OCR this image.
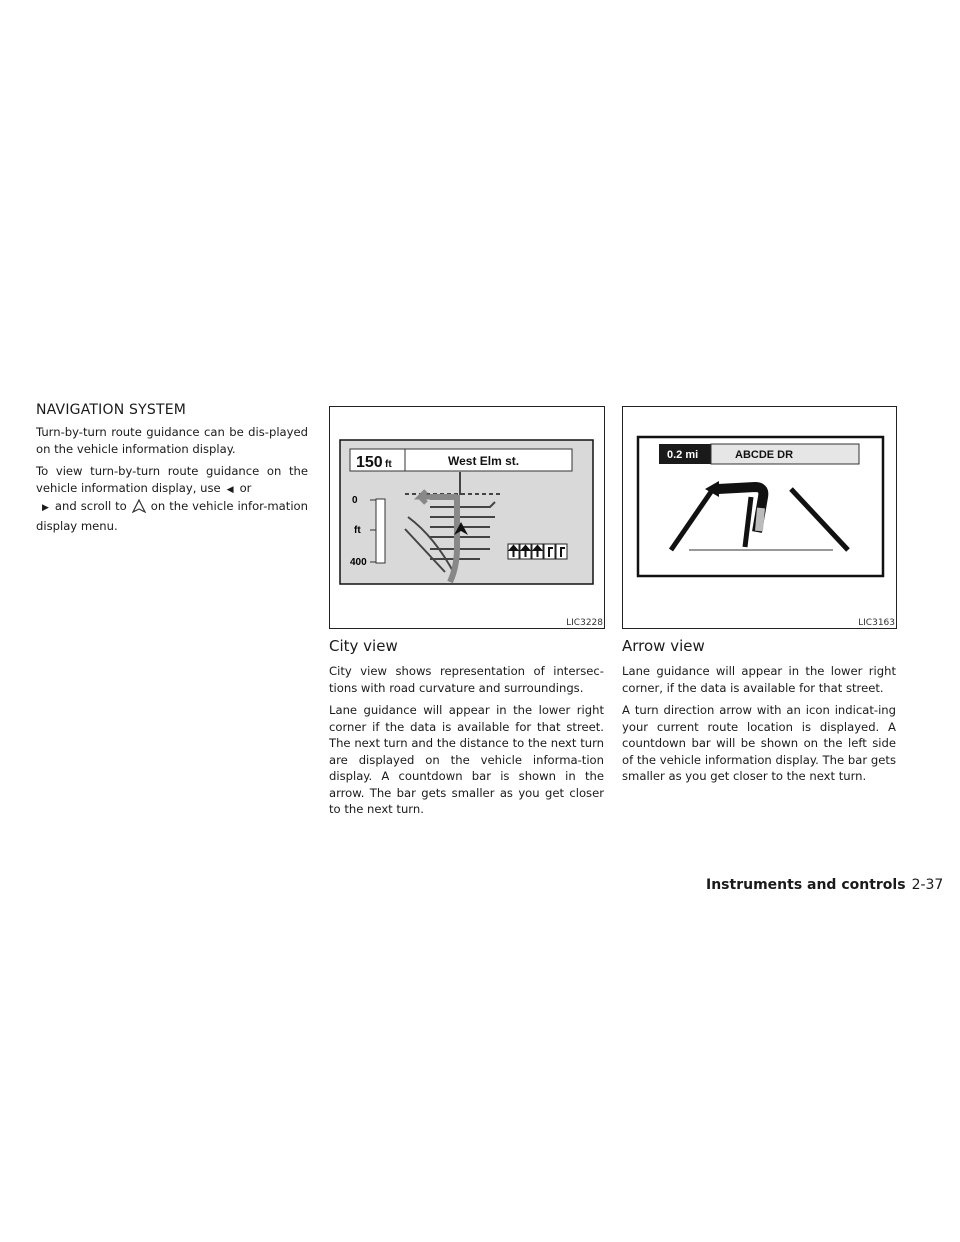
NAVIGATION SYSTEM

Turn-by-turn route guidance can be dis-played on the vehicle information display.

To view turn-by-turn route guidance on the vehicle information display, use ◀ or
▶ and scroll to on the vehicle infor-mation display menu.

150 ft	West Elm st.
0
ft
400
LIC3228
0.2 mi	ABCDE DR
LIC3163
City view

City view shows representation of intersec-tions with road curvature and surroundings.

Lane guidance will appear in the lower right corner if the data is available for that street. The next turn and the distance to the next turn are displayed on the vehicle informa-tion display. A countdown bar is shown in the arrow. The bar gets smaller as you get closer to the next turn.

Arrow view

Lane guidance will appear in the lower right corner, if the data is available for that street.

A turn direction arrow with an icon indicat-ing your current route location is displayed. A countdown bar will be shown on the left side of the vehicle information display. The bar gets smaller as you get closer to the next turn.

Instruments and controls 2-37
